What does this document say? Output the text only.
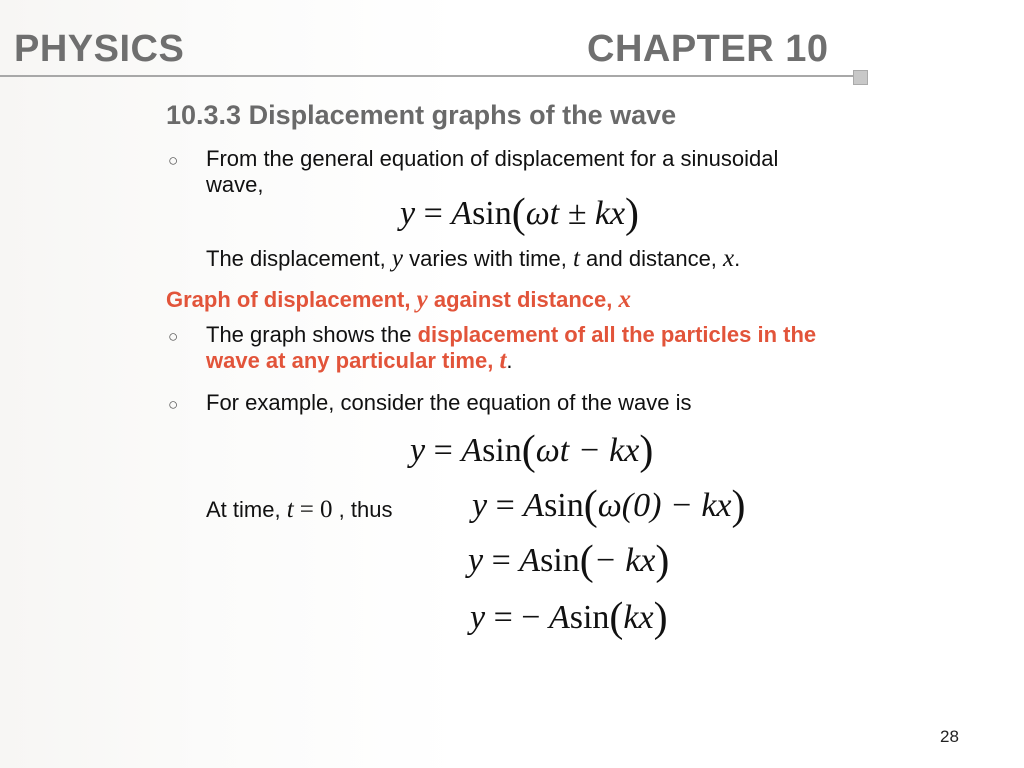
PHYSICS	CHAPTER 10
10.3.3 Displacement graphs of the wave
○ From the general equation of displacement for a sinusoidal
wave,
y = Asin(ωt ± kx)
The displacement, y varies with time, t and distance, x.
Graph of displacement, y against distance, x
○ The graph shows the displacement of all the particles in the
wave at any particular time, t.
○ For example, consider the equation of the wave is
y = Asin(ωt − kx)
At time, t = 0 , thus y = Asin(ω(0) − kx)
y = Asin(− kx)
y = − Asin(kx)
28
